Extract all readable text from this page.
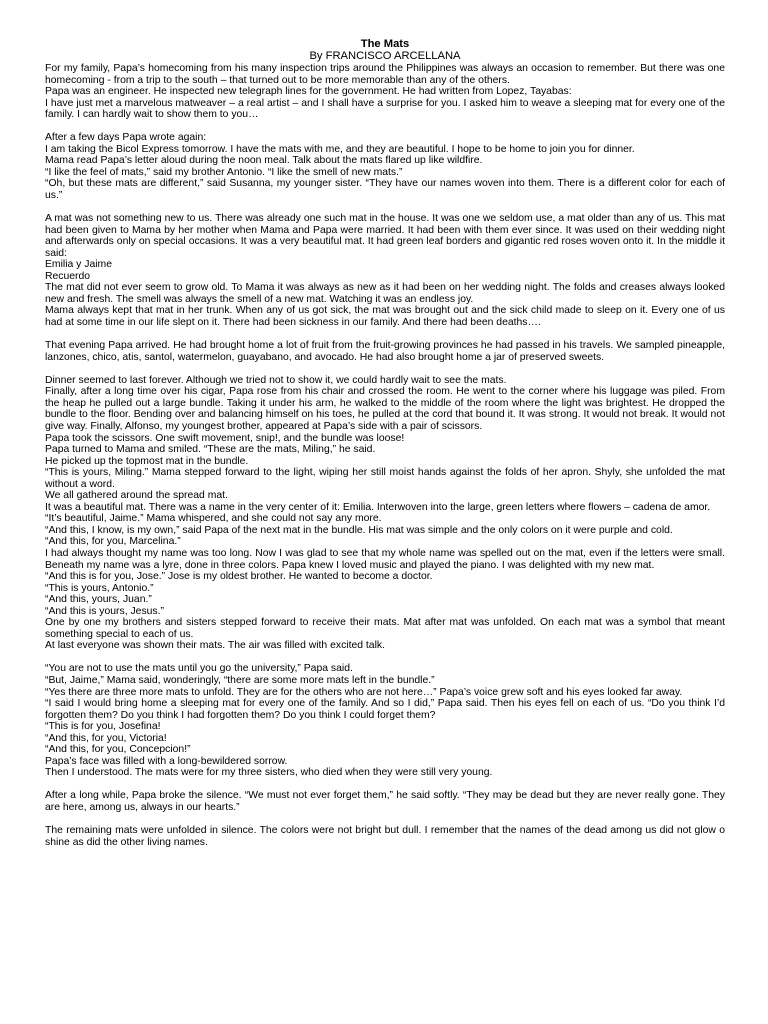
The Mats

By FRANCISCO ARCELLANA

For my family, Papa’s homecoming from his many inspection trips around the Philippines was always an occasion to remember. But there was one homecoming - from a trip to the south – that turned out to be more memorable than any of the others.

Papa was an engineer. He inspected new telegraph lines for the government. He had written from Lopez, Tayabas:

I have just met a marvelous matweaver – a real artist – and I shall have a surprise for you. I asked him to weave a sleeping mat for every one of the family. I can hardly wait to show them to you…

After a few days Papa wrote again:

I am taking the Bicol Express tomorrow. I have the mats with me, and they are beautiful. I hope to be home to join you for dinner.

Mama read Papa’s letter aloud during the noon meal. Talk about the mats flared up like wildfire.

“I like the feel of mats,” said my brother Antonio. “I like the smell of new mats.”

“Oh, but these mats are different,” said Susanna, my younger sister. “They have our names woven into them. There is a different color for each of us.”

A mat was not something new to us. There was already one such mat in the house. It was one we seldom use, a mat older than any of us. This mat had been given to Mama by her mother when Mama and Papa were married. It had been with them ever since. It was used on their wedding night and afterwards only on special occasions. It was a very beautiful mat. It had green leaf borders and gigantic red roses woven onto it. In the middle it said:

Emilia y Jaime

Recuerdo

The mat did not ever seem to grow old. To Mama it was always as new as it had been on her wedding night. The folds and creases always looked new and fresh. The smell was always the smell of a new mat. Watching it was an endless joy.

Mama always kept that mat in her trunk. When any of us got sick, the mat was brought out and the sick child made to sleep on it. Every one of us had at some time in our life slept on it. There had been sickness in our family. And there had been deaths….

That evening Papa arrived. He had brought home a lot of fruit from the fruit-growing provinces he had passed in his travels. We sampled pineapple, lanzones, chico, atis, santol, watermelon, guayabano, and avocado. He had also brought home a jar of preserved sweets.

Dinner seemed to last forever. Although we tried not to show it, we could hardly wait to see the mats.

Finally, after a long time over his cigar, Papa rose from his chair and crossed the room. He went to the corner where his luggage was piled. From the heap he pulled out a large bundle. Taking it under his arm, he walked to the middle of the room where the light was brightest. He dropped the bundle to the floor. Bending over and balancing himself on his toes, he pulled at the cord that bound it. It was strong. It would not break. It would not give way. Finally, Alfonso, my youngest brother, appeared at Papa’s side with a pair of scissors.

Papa took the scissors. One swift movement, snip!, and the bundle was loose!

Papa turned to Mama and smiled. “These are the mats, Miling,” he said.

He picked up the topmost mat in the bundle.

“This is yours, Miling.” Mama stepped forward to the light, wiping her still moist hands against the folds of her apron. Shyly, she unfolded the mat without a word.

We all gathered around the spread mat.

It was a beautiful mat. There was a name in the very center of it: Emilia. Interwoven into the large, green letters where flowers – cadena de amor.

“It’s beautiful, Jaime.” Mama whispered, and she could not say any more.

“And this, I know, is my own,” said Papa of the next mat in the bundle. His mat was simple and the only colors on it were purple and cold.

“And this, for you, Marcelina.”

I had always thought my name was too long. Now I was glad to see that my whole name was spelled out on the mat, even if the letters were small. Beneath my name was a lyre, done in three colors. Papa knew I loved music and played the piano. I was delighted with my new mat.

“And this is for you, Jose.” Jose is my oldest brother. He wanted to become a doctor.

“This is yours, Antonio.”

“And this, yours, Juan.”

“And this is yours, Jesus.”

One by one my brothers and sisters stepped forward to receive their mats. Mat after mat was unfolded. On each mat was a symbol that meant something special to each of us.

At last everyone was shown their mats. The air was filled with excited talk.

“You are not to use the mats until you go the university,” Papa said.

“But, Jaime,” Mama said, wonderingly, “there are some more mats left in the bundle.”

“Yes there are three more mats to unfold. They are for the others who are not here…” Papa’s voice grew soft and his eyes looked far away.

“I said I would bring home a sleeping mat for every one of the family. And so I did,” Papa said. Then his eyes fell on each of us. “Do you think I’d forgotten them? Do you think I had forgotten them? Do you think I could forget them?

“This is for you, Josefina!

“And this, for you, Victoria!

“And this, for you, Concepcion!”

Papa’s face was filled with a long-bewildered sorrow.

Then I understood. The mats were for my three sisters, who died when they were still very young.

After a long while, Papa broke the silence. “We must not ever forget them,” he said softly. “They may be dead but they are never really gone. They are here, among us, always in our hearts.”

The remaining mats were unfolded in silence. The colors were not bright but dull. I remember that the names of the dead among us did not glow o shine as did the other living names.
